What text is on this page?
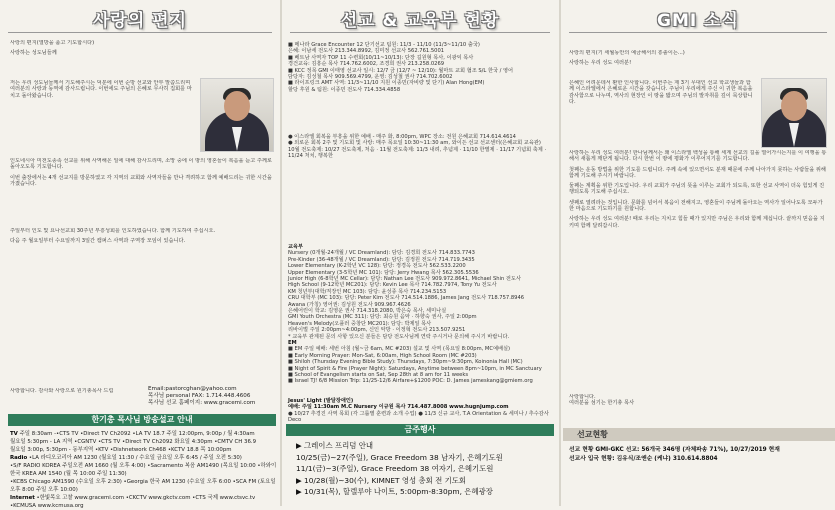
사랑의 편지

사랑의 편지(열방을 품고 기도합시다)

사랑하는 성도님들께

저는 우리 성도님들께서 기도해주시는 덕분에 이번 순방 선교와 안부 말씀드리며 여러분의 사랑과 동역에 감사드립니다. 이번에도 주님의 은혜로 무사히 집회를 마치고 돌아왔습니다.

인도네시아 미전도종족 선교를 위해 사역해온 일에 대해 감사드리며, 소망 중에 이 땅의 영혼들이 복음을 듣고 주께로 돌아오도록 기도합니다.

이번 출장에서는 4개 선교지를 방문하였고 각 지역의 교회와 사역자들을 만나 격려하고 함께 예배드리는 귀한 시간을 가졌습니다.

주일부터 인도 및 요나선교회 30주년 부흥성회를 인도하였습니다. 함께 기도하여 주십시오.

다음 주 월요일부터 수요일까지 3일간 캠퍼스 사역과 구역장 모임이 있습니다.

사랑합니다. 감사와 사랑으로 원기총목사 드림	Email:pastorcghan@yahoo.com
목사님 personal FAX: 1.714.448.4606
목사님 선교 홈페이지: www.gracemi.com
한기총 목사님 방송설교 안내
TV 주일 8:30am -•CTS TV •Direct TV Ch2092 •LA TV 18.7 주일 12:00pm, 9:00p / 월 4:30am
월요일 5:30pm - LA 지역 •CGNTV •CTS TV •Direct TV Ch2092 화요일 4:30pm •CMTV CH 36.9
월요일 3:00p, 5:30pm - 동부지역 •KTV •Dishnetwork Ch468 •KCTV 18.8 목 10:00pm
Radio •LA 라디오코리아 AM 1230 (월요일 11:30 / 수요일 금요일 오후 6:45 / 주일 오전 5:30)
•S/F RADIO KOREA 주일오전 AM 1660 (월 오후 4:00) •Sacramento 복음 AM1490 (목요일 10:00 •하와이 한국 KREA AM 1540 (월 목 10:00 주일 11:30)
•KCBS Chicago AM1590 (수요일 오후 2:30) •Georgia 한국 AM 1230 (수요일 오후 6:00 •SCA FM (토요일 오후 8:00 주일 오후 10:00)
Internet •한빛목요 고찰 www.gracemi.com •CKCTV www.gkctv.com •CTS 국제 www.ctsvc.tv •KCMUSA www.kcmusa.org
선교 & 교육부 현황
■ 메나라 Grace Encounter 12 단기선교 팀원: 11/3 - 11/10 (11/3~11/10 출국)
은혜: 이남세 전도사 213.344.8992, 김미정 선교사 562.761.5001
■ 베트남 사역자 TOP 11 수련회(10/11~10/13): 단장 길원형 목사, 이광익 목사
경건교육: 김흥순 목사 714.762.6002, 조경희 권사 213.258.0269
■ KCC 정목 GMI 이태영 선교사 일시: 12/7 금 (12/7 ~ 12/10): 월마트 교회 협조 S/L 한국 / 영어
담당자: 김성철 목사 909.569.4799, 운영: 김성철 권사 714.702.6002
■ 라이프링크 AMT 사역: 11/3~11/10 지원 이종민(자비량 및 단기) Alan Hong(EM)
할당 후원 & 팀원: 이종민 전도사 714.334.4858
● 이스라엘 회복을 부흥을 위한 예배 - 매주 화, 8:00pm, WPC 장소: 전원 은혜교회 714.614.4614
● 외로운 회복 2주 및 기도회 및 사랑: 매주 목요일 10:30~11:30 am, 와이든 선교 선교센터(은혜교회 교육관)
10월 전도축제: 10/27 전도축제, 처음 · 11월 전도축제: 11/3 내려, 추념제 · 11/10 한별제 · 11/17 기념회 축제 · 11/24 처치, 행복한
교육부
Nursery (0개월-24개월 / VC Dreamland): 담당: 김경희 전도사 714.833.7743
Pre-Kinder (36-48개월 / VC Dreamland): 담당: 김정원 전도사 714.719.3435
Lower Elementary (K-2학년 VC 128): 담당: 정경옥 전도사 562.533.2200
Upper Elementary (3-5학년 MC 101): 담당: Jerry Hwang 목사 562.305.5536
Junior High (6-8학년 MC Cellar): 담당: Nathan Lee 전도사 909.972.8641, Michael Shin 전도사
High School (9-12학년 MC201): 담당: Kevin Lee 목사 714.782.7974, Tony Yu 전도사
KM 청년부(대학/직장인 MC 103): 담당: 윤성종 목사 714.234.5153
CRU 대학부 (MC 103): 담당: Peter Kim 전도사 714.514.1886, James Jang 전도사 718.757.8946
Awana (가칭) 영어권: 김성원 전도사 909.967.4626
은혜어린이 학교: 김영운 권사 714.318.2080, 박은숙 목사, 세미나실
GMI Youth Orchestra (MC 311): 담당: 최승원 음악 · 하향숙 권사, 주일 2:00pm
Heaven's Melody(오플러 중창단 MC201): 담당: 박제일 목사
리바이벌 주일 2:00pm~4:00pm, 신인 악방 · 이정혁 전도사 213.507.9251
* 교육부 관계된 문의 사항 있으신 분들은 담당 전도사님께 연락 주시거나 문의해 주시기 바랍니다.
EM
■ EM 주일 예배: 세번 아침 (월~금 6am, MC #203) 설교 및 사역 (목요일 8:00pm, MC예배실)
■ Early Morning Prayer: Mon-Sat, 6:00am, High School Room (MC #203)
■ Shiloh (Thursday Evening Bible Study): Thursdays, 7:30pm~9:30pm, Koinonia Hall (MC)
■ Night of Spirit & Fire (Prayer Night): Saturdays, Anytime between 8pm~10pm, in MC Sanctuary
■ School of Evangelism starts on Sat, Sep 28th at 8 am for 11 weeks
■ Israel TJ! 6/8 Mission Trip: 11/25-12/6 Airfare+$1200 POC: D. James jameskang@gmiem.org
Jesus' Light (발달장애인)
예배: 주일 11:30am M.C Nursery 이규원 목사 714.487.8008 www.hugnjump.com
● 10/27 추경진 사역 목회 (각 그룹별 훈련과 소개 수업) ● 11/3 신규 교사, T.A Orientation & 세미나 / 추수감사 Deco
금주행사
▶ 그레이스 프리덤 안내
10/25(금)~27(주일), Grace Freedom 38 남자기, 은혜기도원
11/1(금)~3(주일), Grace Freedom 38 여자기, 은혜기도원
▶ 10/28(월)~30(수), KIMNET 영성 총회 전 기도회
▶ 10/31(목), 할렐루야 나이트, 5:00pm-8:30pm, 은혜광장
GMI 소식

사랑의 편지(기 세월동안의 예금해서의 흥솔이는...)

사랑하는 우리 성도 여러분!

은혜인 어려운데서 환한 인사합니다. 이번주는 제 3기 무대인 선교 학교생들과 함께 이스라엘에서 은혜로운 시간을 갖습니다. 주님이 우리에게 주신 이 귀한 복음을 감사함으로 나누며, 역사의 현장인 이 땅을 밟으며 주님의 발자취를 깊이 묵상합니다.

사랑하는 우리 성도 여러분! 한나님께서는 왜 이스라엘 백성을 통해 세계 선교의 길을 열어가시는지를 이 여행을 통해서 새롭게 깨닫게 됩니다. 다시 한번 이 땅에 평화가 이루어지기를 기도합니다.

첫째는 운동 방법을 위한 기도를 드립니다. 주께 속에 있으면서도 분재 때문에 주께 나아가지 못하는 사람들을 위해 함께 기도해 주시기 바랍니다.

둘째는 계획을 위한 기도입니다. 우리 교회가 주님의 뜻을 이루는 교회가 되도록, 또한 선교 사역이 더욱 힘있게 진행되도록 기도해 주십시오.

셋째로 열려라는 것입니다. 문화를 넘어서 복음이 전해지고, 영혼들이 주님께 돌아오는 역사가 일어나도록 모두가 한 마음으로 기도하기를 원합니다.

사랑하는 우리 성도 여러분! 때로 우리는 지치고 힘들 때가 있지만 주님은 우리와 함께 계십니다. 끝까지 믿음을 지키며 함께 달려갑시다.

사랑합니다.
여러분을 섬기는 한기총 목사
선교현황
선교 현황 GMI-GKC 선교: 56개국 346명 (자체파송 71%), 10/27/2019 현재
선교사 입국 현황: 김유식/조앤순 (케냐) 310.614.8804
